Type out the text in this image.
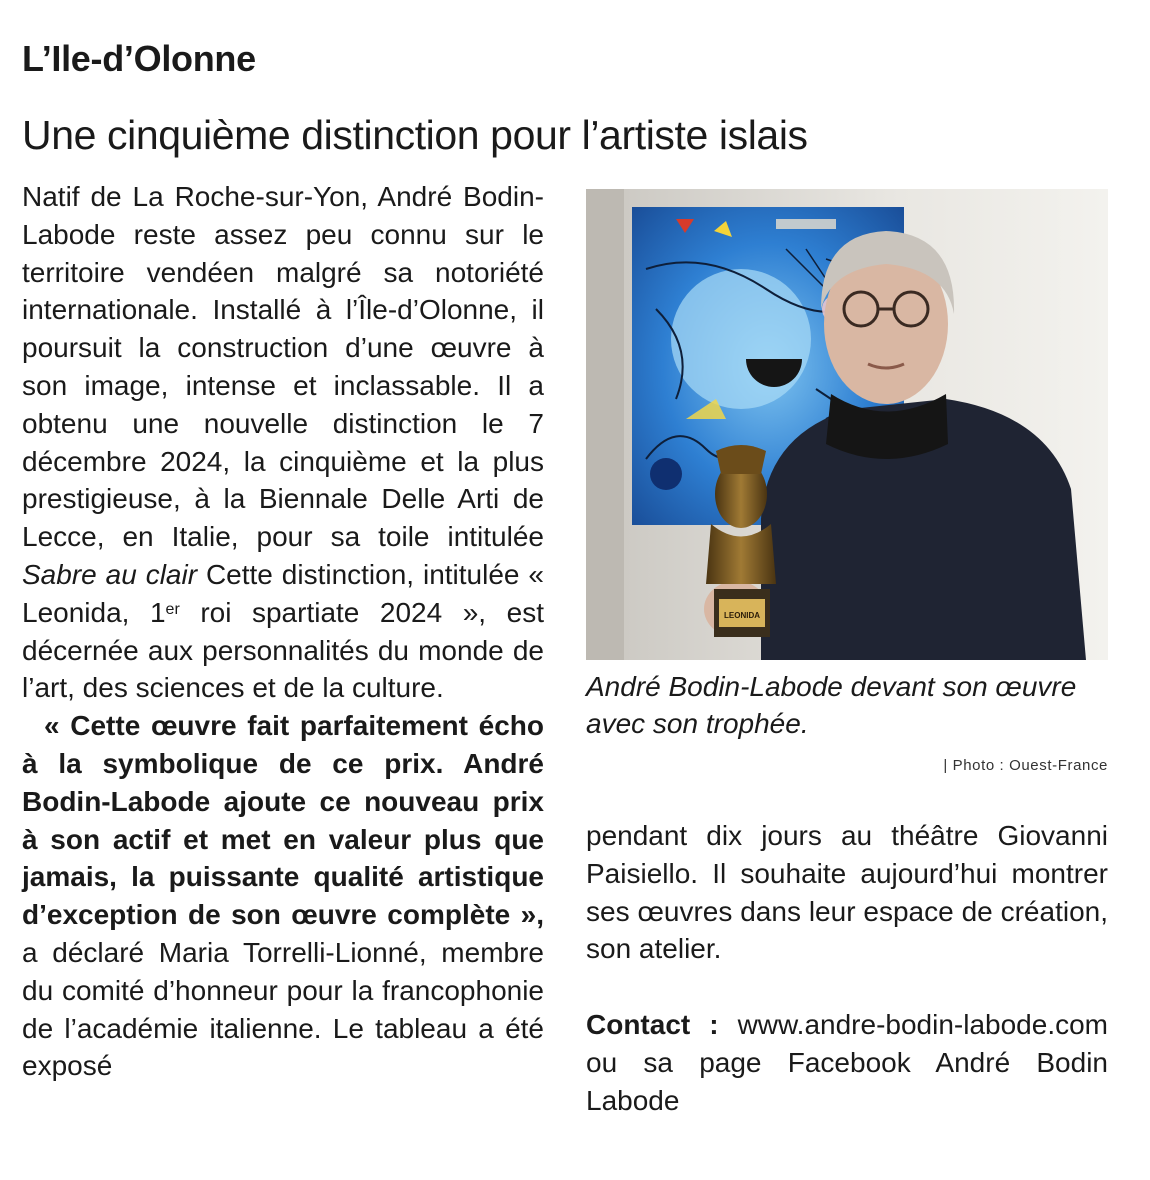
L’Ile-d’Olonne
Une cinquième distinction pour l’artiste islais

Natif de La Roche-sur-Yon, André Bodin-Labode reste assez peu connu sur le territoire vendéen malgré sa notoriété internationale. Installé à l’Île-d’Olonne, il poursuit la construction d’une œuvre à son image, intense et inclassable. Il a obtenu une nouvelle distinction le 7 décembre 2024, la cinquième et la plus prestigieuse, à la Biennale Delle Arti de Lecce, en Italie, pour sa toile intitulée Sabre au clair Cette distinction, intitulée « Leonida, 1er roi spartiate 2024 », est décernée aux personnalités du monde de l’art, des sciences et de la culture.

« Cette œuvre fait parfaitement écho à la symbolique de ce prix. André Bodin-Labode ajoute ce nouveau prix à son actif et met en valeur plus que jamais, la puissante qualité artistique d’exception de son œuvre complète », a déclaré Maria Torrelli-Lionné, membre du comité d’honneur pour la francophonie de l’académie italienne. Le tableau a été exposé

LEONIDA

André Bodin-Labode devant son œuvre avec son trophée.

| Photo : Ouest-France

pendant dix jours au théâtre Giovanni Paisiello. Il souhaite aujourd’hui montrer ses œuvres dans leur espace de création, son atelier.

Contact : www.andre-bodin-labode.com ou sa page Facebook André Bodin Labode
